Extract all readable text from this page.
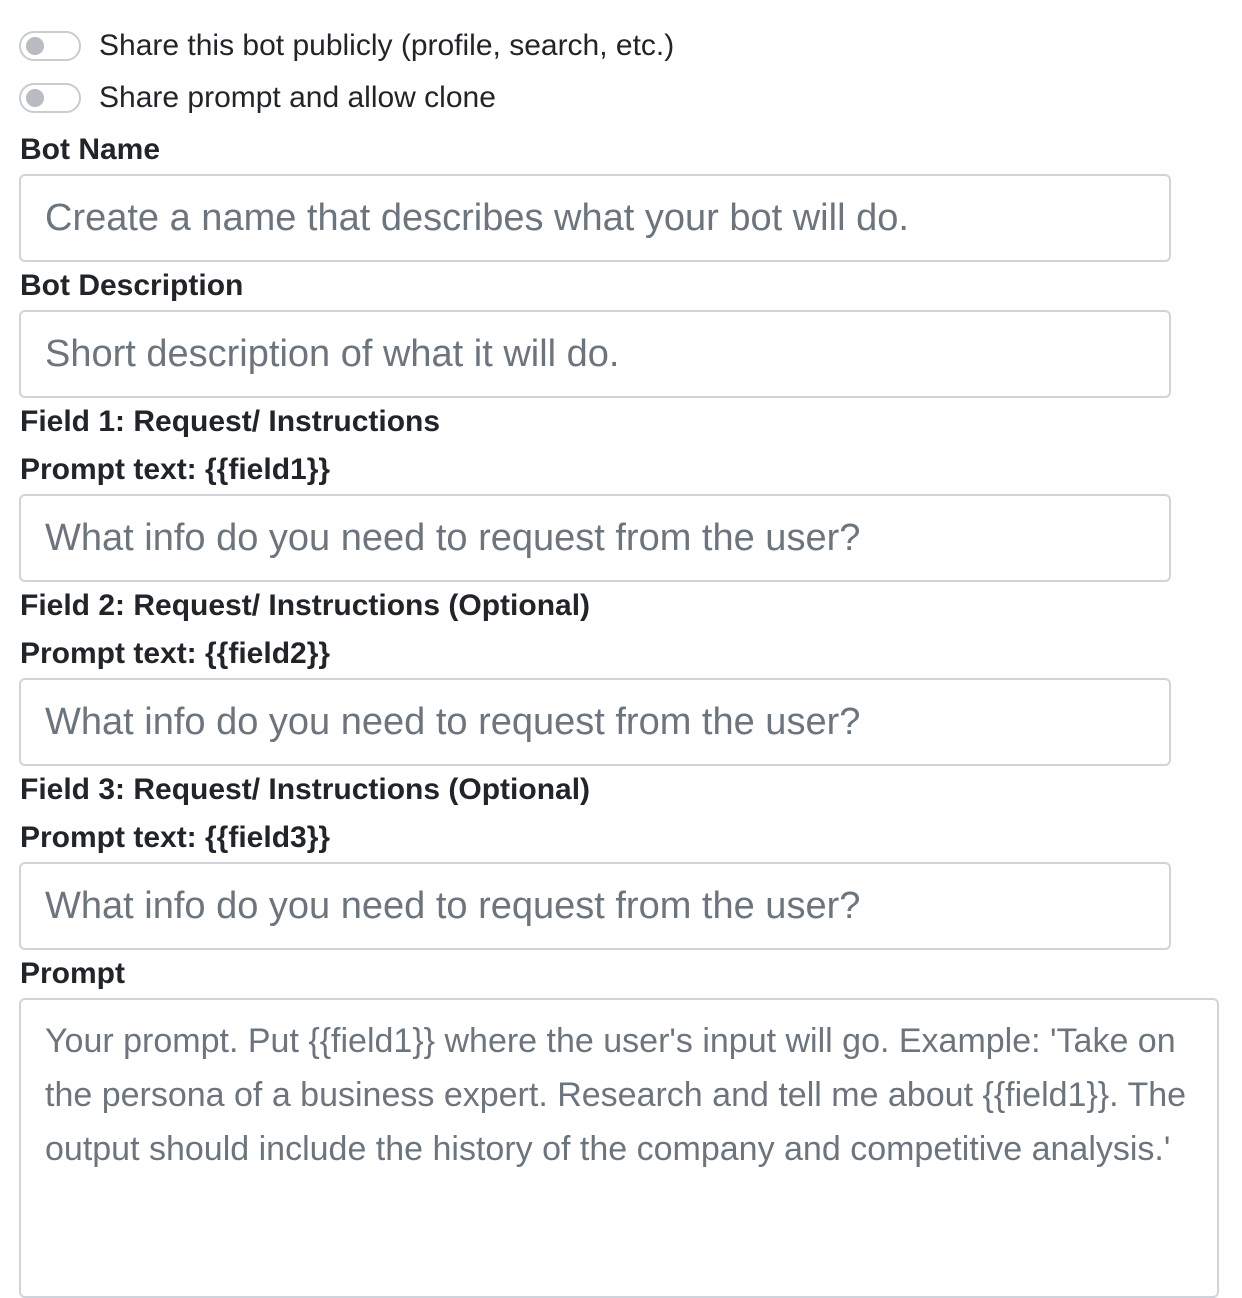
Share this bot publicly (profile, search, etc.)
Share prompt and allow clone
Bot Name
Create a name that describes what your bot will do.
Bot Description
Short description of what it will do.
Field 1: Request/ Instructions
Prompt text: {{field1}}
What info do you need to request from the user?
Field 2: Request/ Instructions (Optional)
Prompt text: {{field2}}
What info do you need to request from the user?
Field 3: Request/ Instructions (Optional)
Prompt text: {{field3}}
What info do you need to request from the user?
Prompt
Your prompt. Put {{field1}} where the user's input will go. Example: 'Take on the persona of a business expert. Research and tell me about {{field1}}. The output should include the history of the company and competitive analysis.'
